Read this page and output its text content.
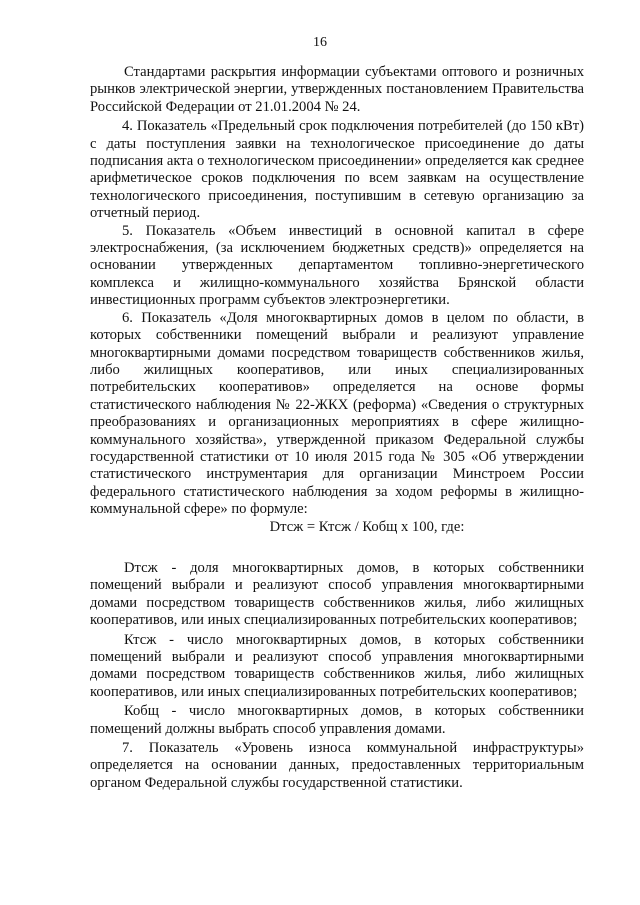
16

Стандартами раскрытия информации субъектами оптового и розничных рынков электрической энергии, утвержденных постановлением Правительства Российской Федерации от 21.01.2004 № 24.

4. Показатель «Предельный срок подключения потребителей (до 150 кВт) с даты поступления заявки на технологическое присоединение до даты подписания акта о технологическом присоединении» определяется как среднее арифметическое сроков подключения по всем заявкам на осуществление технологического присоединения, поступившим в сетевую организацию за отчетный период.

5. Показатель «Объем инвестиций в основной капитал в сфере электроснабжения, (за исключением бюджетных средств)» определяется на основании утвержденных департаментом топливно-энергетического комплекса и жилищно-коммунального хозяйства Брянской области инвестиционных программ субъектов электроэнергетики.

6. Показатель «Доля многоквартирных домов в целом по области, в которых собственники помещений выбрали и реализуют управление многоквартирными домами посредством товариществ собственников жилья, либо жилищных кооперативов, или иных специализированных потребительских кооперативов» определяется на основе формы статистического наблюдения № 22-ЖКХ (реформа) «Сведения о структурных преобразованиях и организационных мероприятиях в сфере жилищно-коммунального хозяйства», утвержденной приказом Федеральной службы государственной статистики от 10 июля 2015 года № 305 «Об утверждении статистического инструментария для организации Минстроем России федерального статистического наблюдения за ходом реформы в жилищно-коммунальной сфере» по формуле:

Dтсж = Ктсж / Кобщ х 100, где:

Dтсж - доля многоквартирных домов, в которых собственники помещений выбрали и реализуют способ управления многоквартирными домами посредством товариществ собственников жилья, либо жилищных кооперативов, или иных специализированных потребительских кооперативов;

Ктсж - число многоквартирных домов, в которых собственники помещений выбрали и реализуют способ управления многоквартирными домами посредством товариществ собственников жилья, либо жилищных кооперативов, или иных специализированных потребительских кооперативов;

Кобщ - число многоквартирных домов, в которых собственники помещений должны выбрать способ управления домами.

7. Показатель «Уровень износа коммунальной инфраструктуры» определяется на основании данных, предоставленных территориальным органом Федеральной службы государственной статистики.
